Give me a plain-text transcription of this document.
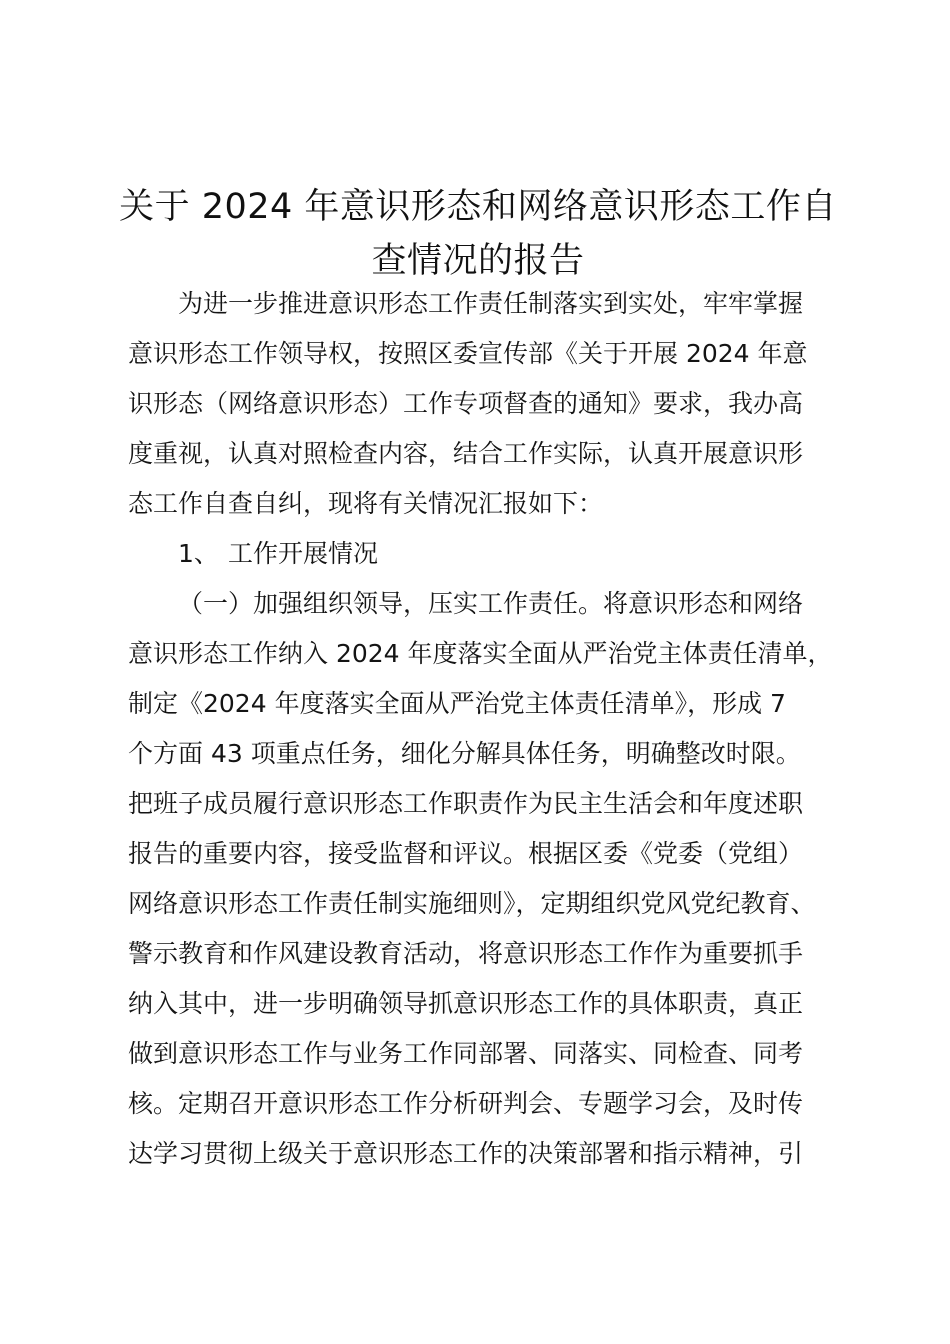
关于 2024 年意识形态和网络意识形态工作自
查情况的报告
为进一步推进意识形态工作责任制落实到实处，牢牢掌握
意识形态工作领导权，按照区委宣传部《关于开展 2024 年意
识形态（网络意识形态）工作专项督查的通知》要求，我办高
度重视，认真对照检查内容，结合工作实际，认真开展意识形
态工作自查自纠，现将有关情况汇报如下：
1、 工作开展情况
（一）加强组织领导，压实工作责任。将意识形态和网络
意识形态工作纳入 2024 年度落实全面从严治党主体责任清单，
制定《2024 年度落实全面从严治党主体责任清单》，形成 7
个方面 43 项重点任务，细化分解具体任务，明确整改时限。
把班子成员履行意识形态工作职责作为民主生活会和年度述职
报告的重要内容，接受监督和评议。根据区委《党委（党组）
网络意识形态工作责任制实施细则》，定期组织党风党纪教育、
警示教育和作风建设教育活动，将意识形态工作作为重要抓手
纳入其中，进一步明确领导抓意识形态工作的具体职责，真正
做到意识形态工作与业务工作同部署、同落实、同检查、同考
核。定期召开意识形态工作分析研判会、专题学习会，及时传
达学习贯彻上级关于意识形态工作的决策部署和指示精神，引
